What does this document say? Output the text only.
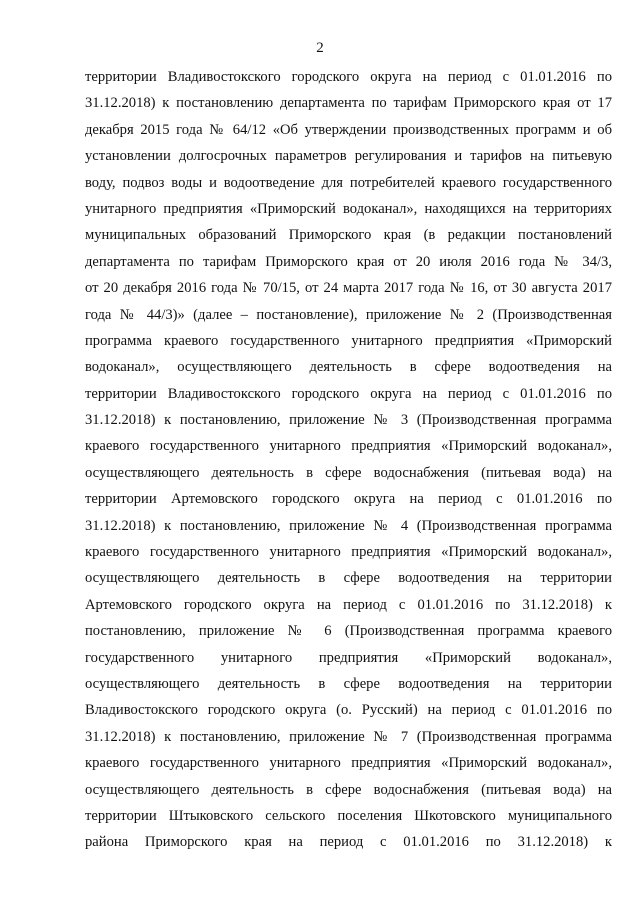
2
территории Владивостокского городского округа на период с 01.01.2016 по
31.12.2018) к постановлению департамента по тарифам Приморского края от 17
декабря 2015 года № 64/12 «Об утверждении производственных программ и об
установлении долгосрочных параметров регулирования и тарифов на питьевую
воду, подвоз воды и водоотведение для потребителей краевого государственного
унитарного предприятия «Приморский водоканал», находящихся на территориях
муниципальных образований Приморского края (в редакции постановлений
департамента по тарифам Приморского края от 20 июля 2016 года № 34/3,
от 20 декабря 2016 года № 70/15, от 24 марта 2017 года № 16, от 30 августа 2017
года № 44/3)» (далее – постановление), приложение № 2 (Производственная
программа краевого государственного унитарного предприятия «Приморский
водоканал», осуществляющего деятельность в сфере водоотведения на
территории Владивостокского городского округа на период с 01.01.2016 по
31.12.2018) к постановлению, приложение № 3 (Производственная программа
краевого государственного унитарного предприятия «Приморский водоканал»,
осуществляющего деятельность в сфере водоснабжения (питьевая вода) на
территории Артемовского городского округа на период с 01.01.2016 по
31.12.2018) к постановлению, приложение № 4 (Производственная программа
краевого государственного унитарного предприятия «Приморский водоканал»,
осуществляющего деятельность в сфере водоотведения на территории
Артемовского городского округа на период с 01.01.2016 по 31.12.2018) к
постановлению, приложение № 6 (Производственная программа краевого
государственного унитарного предприятия «Приморский водоканал»,
осуществляющего деятельность в сфере водоотведения на территории
Владивостокского городского округа (о. Русский) на период с 01.01.2016 по
31.12.2018) к постановлению, приложение № 7 (Производственная программа
краевого государственного унитарного предприятия «Приморский водоканал»,
осуществляющего деятельность в сфере водоснабжения (питьевая вода) на
территории Штыковского сельского поселения Шкотовского муниципального
района Приморского края на период с 01.01.2016 по 31.12.2018) к
